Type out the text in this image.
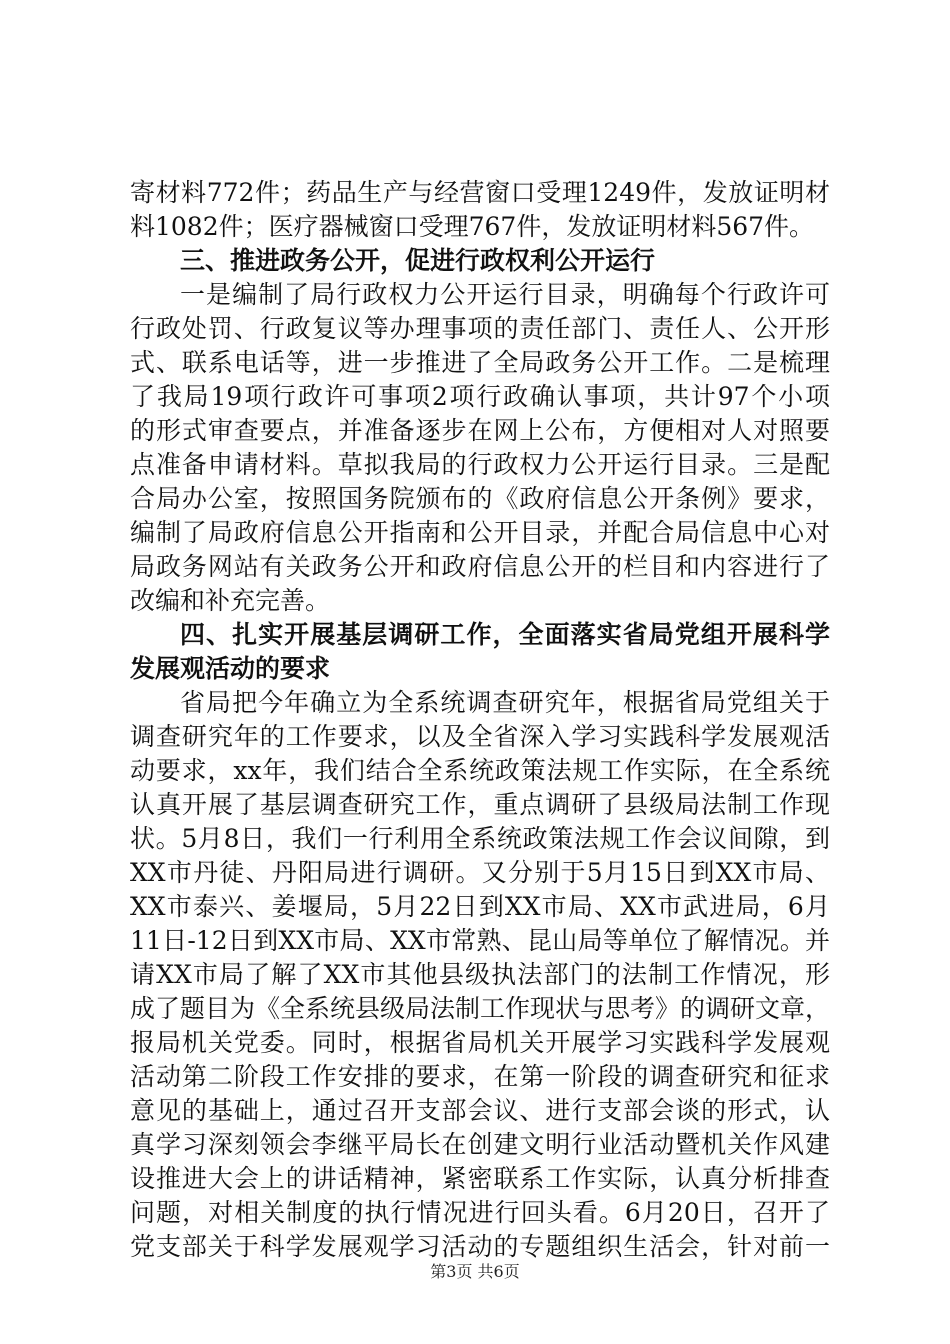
寄材料772件；药品生产与经营窗口受理1249件，发放证明材
料1082件；医疗器械窗口受理767件，发放证明材料567件。
三、推进政务公开，促进行政权利公开运行
一是编制了局行政权力公开运行目录，明确每个行政许可
行政处罚、行政复议等办理事项的责任部门、责任人、公开形
式、联系电话等，进一步推进了全局政务公开工作。二是梳理
了我局19项行政许可事项2项行政确认事项，共计97个小项
的形式审查要点，并准备逐步在网上公布，方便相对人对照要
点准备申请材料。草拟我局的行政权力公开运行目录。三是配
合局办公室，按照国务院颁布的《政府信息公开条例》要求，
编制了局政府信息公开指南和公开目录，并配合局信息中心对
局政务网站有关政务公开和政府信息公开的栏目和内容进行了
改编和补充完善。
四、扎实开展基层调研工作，全面落实省局党组开展科学
发展观活动的要求
省局把今年确立为全系统调查研究年，根据省局党组关于
调查研究年的工作要求，以及全省深入学习实践科学发展观活
动要求，xx年，我们结合全系统政策法规工作实际，在全系统
认真开展了基层调查研究工作，重点调研了县级局法制工作现
状。5月8日，我们一行利用全系统政策法规工作会议间隙，到
XX市丹徒、丹阳局进行调研。又分别于5月15日到XX市局、
XX市泰兴、姜堰局，5月22日到XX市局、XX市武进局，6月
11日-12日到XX市局、XX市常熟、昆山局等单位了解情况。并
请XX市局了解了XX市其他县级执法部门的法制工作情况，形
成了题目为《全系统县级局法制工作现状与思考》的调研文章，
报局机关党委。同时，根据省局机关开展学习实践科学发展观
活动第二阶段工作安排的要求，在第一阶段的调查研究和征求
意见的基础上，通过召开支部会议、进行支部会谈的形式，认
真学习深刻领会李继平局长在创建文明行业活动暨机关作风建
设推进大会上的讲话精神，紧密联系工作实际，认真分析排查
问题，对相关制度的执行情况进行回头看。6月20日，召开了
党支部关于科学发展观学习活动的专题组织生活会，针对前一
第3页 共6页
